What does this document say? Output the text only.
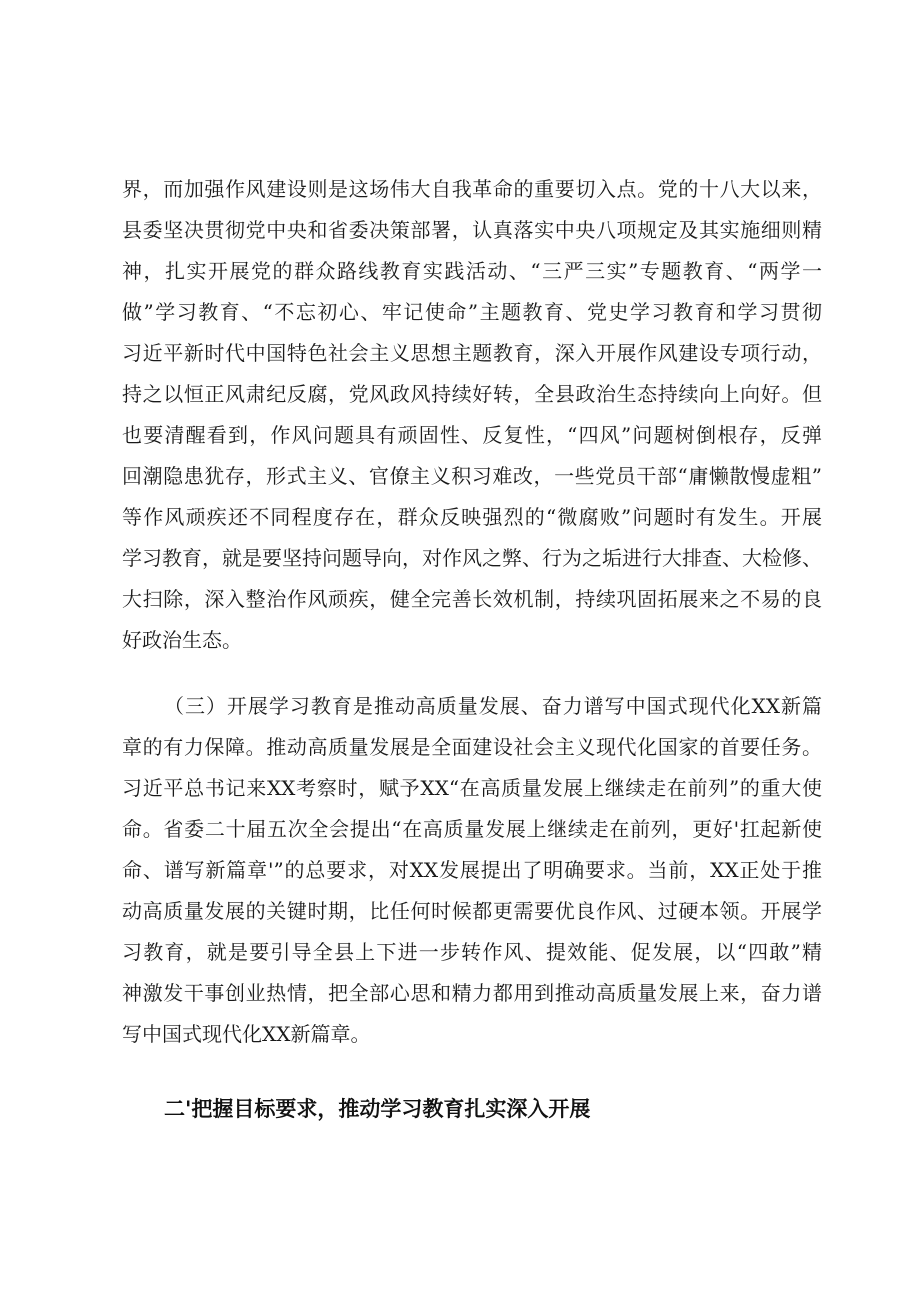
界，而加强作风建设则是这场伟大自我革命的重要切入点。党的十八大以来，
县委坚决贯彻党中央和省委决策部署，认真落实中央八项规定及其实施细则精
神，扎实开展党的群众路线教育实践活动、“三严三实”专题教育、“两学一
做”学习教育、“不忘初心、牢记使命”主题教育、党史学习教育和学习贯彻
习近平新时代中国特色社会主义思想主题教育，深入开展作风建设专项行动，
持之以恒正风肃纪反腐，党风政风持续好转，全县政治生态持续向上向好。但
也要清醒看到，作风问题具有顽固性、反复性，“四风”问题树倒根存，反弹
回潮隐患犹存，形式主义、官僚主义积习难改，一些党员干部“庸懒散慢虚粗”
等作风顽疾还不同程度存在，群众反映强烈的“微腐败”问题时有发生。开展
学习教育，就是要坚持问题导向，对作风之弊、行为之垢进行大排查、大检修、
大扫除，深入整治作风顽疾，健全完善长效机制，持续巩固拓展来之不易的良
好政治生态。
（三）开展学习教育是推动高质量发展、奋力谱写中国式现代化XX新篇
章的有力保障。推动高质量发展是全面建设社会主义现代化国家的首要任务。
习近平总书记来XX考察时，赋予XX“在高质量发展上继续走在前列”的重大使
命。省委二十届五次全会提出“在高质量发展上继续走在前列，更好'扛起新使
命、谱写新篇章'”的总要求，对XX发展提出了明确要求。当前，XX正处于推
动高质量发展的关键时期，比任何时候都更需要优良作风、过硬本领。开展学
习教育，就是要引导全县上下进一步转作风、提效能、促发展，以“四敢”精
神激发干事创业热情，把全部心思和精力都用到推动高质量发展上来，奋力谱
写中国式现代化XX新篇章。
二'把握目标要求，推动学习教育扎实深入开展
